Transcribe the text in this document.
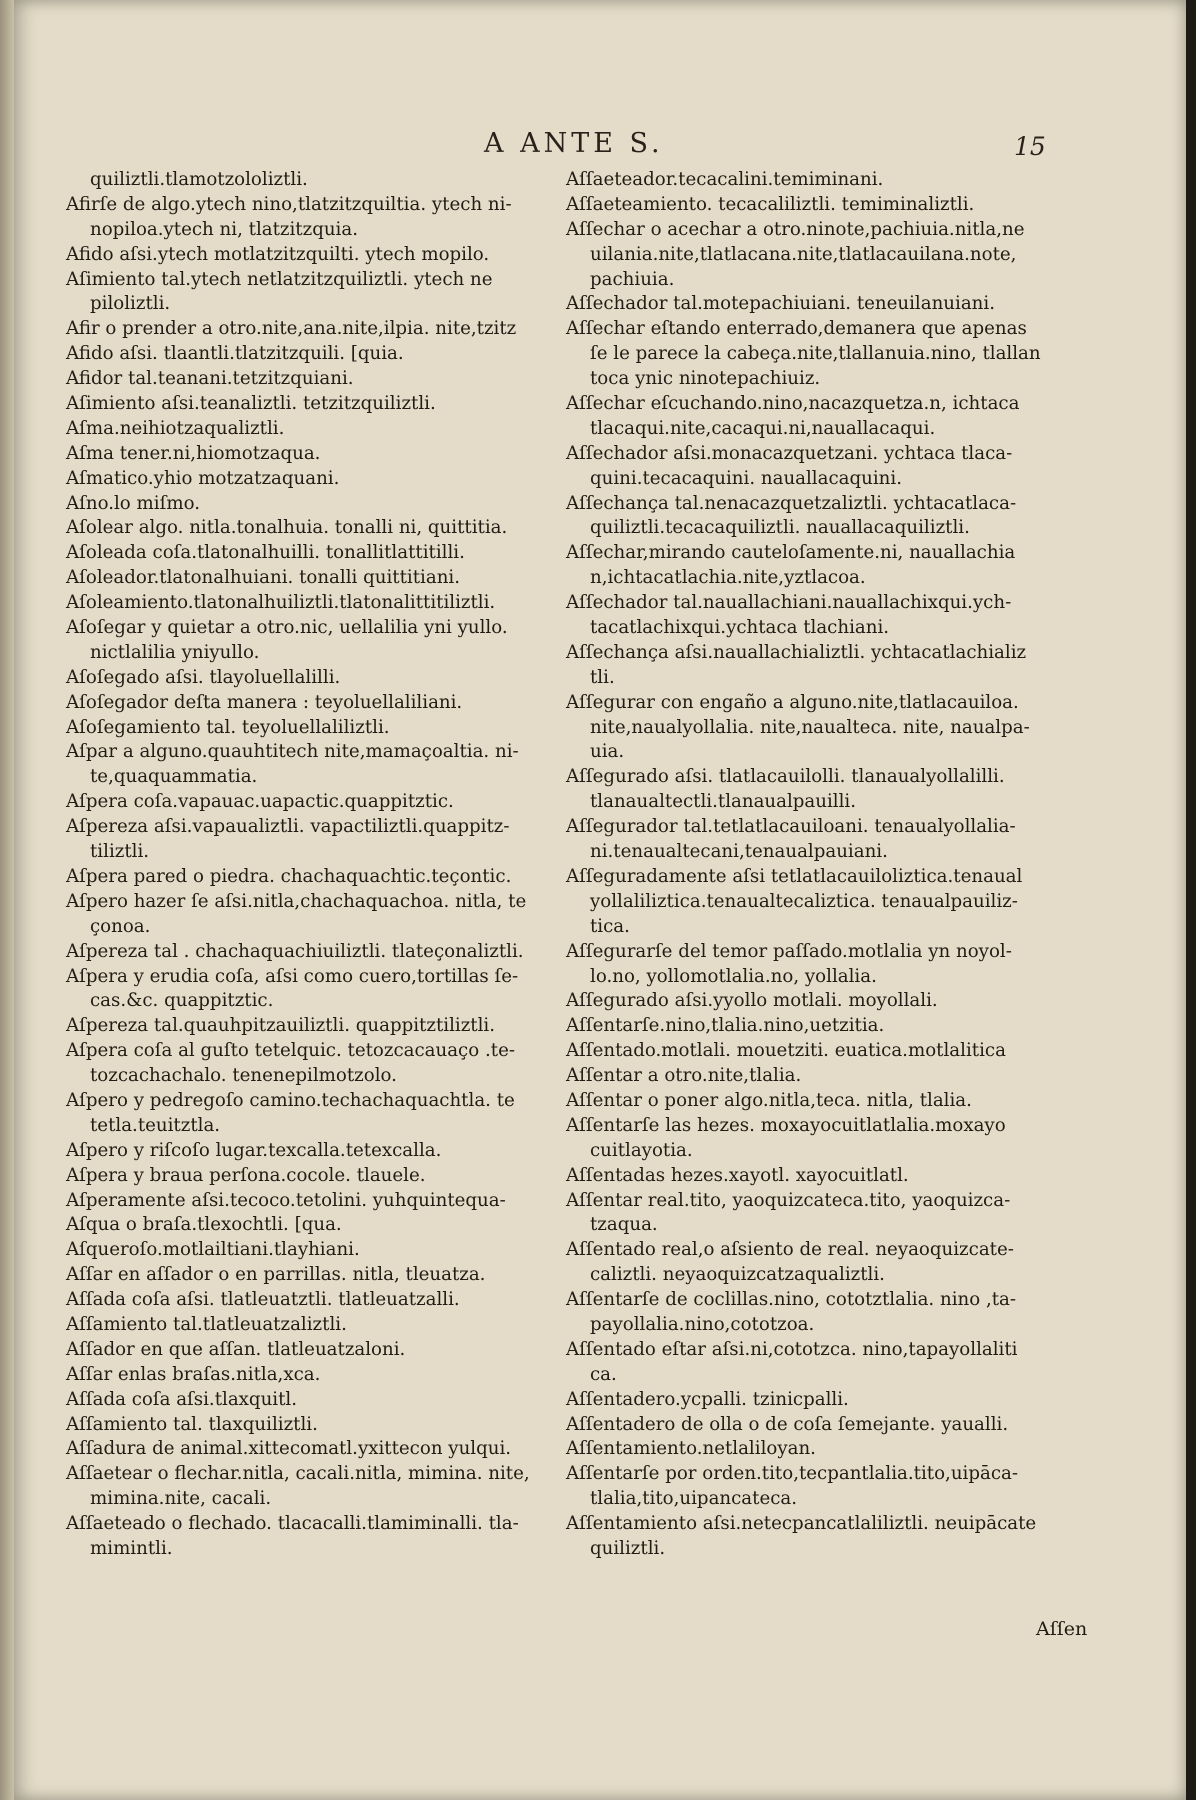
A ANTE S.	15
quiliztli.tlamotzololiztli.
Afirſe de algo.ytech nino,tlatzitzquiltia. ytech ni-
nopiloa.ytech ni, tlatzitzquia.
Afido aſsi.ytech motlatzitzquilti. ytech mopilo.
Aſimiento tal.ytech netlatzitzquiliztli. ytech ne
piloliztli.
Afir o prender a otro.nite,ana.nite,ilpia. nite,tzitz
Afido aſsi. tlaantli.tlatzitzquili. [quia.
Afidor tal.teanani.tetzitzquiani.
Aſimiento aſsi.teanaliztli. tetzitzquiliztli.
Aſma.neihiotzaqualiztli.
Aſma tener.ni,hiomotzaqua.
Aſmatico.yhio motzatzaquani.
Aſno.lo miſmo.
Aſolear algo. nitla.tonalhuia. tonalli ni, quittitia.
Aſoleada coſa.tlatonalhuilli. tonallitlattitilli.
Aſoleador.tlatonalhuiani. tonalli quittitiani.
Aſoleamiento.tlatonalhuiliztli.tlatonalittitiliztli.
Aſoſegar y quietar a otro.nic, uellalilia yni yullo.
nictlalilia yniyullo.
Aſoſegado aſsi. tlayoluellalilli.
Aſoſegador deſta manera : teyoluellaliliani.
Aſoſegamiento tal. teyoluellaliliztli.
Aſpar a alguno.quauhtitech nite,mamaçoaltia. ni-
te,quaquammatia.
Aſpera coſa.vapauac.uapactic.quappitztic.
Aſpereza aſsi.vapaualiztli. vapactiliztli.quappitz-
tiliztli.
Aſpera pared o piedra. chachaquachtic.teçontic.
Aſpero hazer ſe aſsi.nitla,chachaquachoa. nitla, te
çonoa.
Aſpereza tal . chachaquachiuiliztli. tlateçonaliztli.
Aſpera y erudia coſa, aſsi como cuero,tortillas ſe-
cas.&c. quappitztic.
Aſpereza tal.quauhpitzauiliztli. quappitztiliztli.
Aſpera coſa al guſto tetelquic. tetozcacauaço .te-
tozcachachalo. tenenepilmotzolo.
Aſpero y pedregoſo camino.techachaquachtla. te
tetla.teuitztla.
Aſpero y riſcoſo lugar.texcalla.tetexcalla.
Aſpera y braua perſona.cocole. tlauele.
Aſperamente aſsi.tecoco.tetolini. yuhquintequa-
Aſqua o braſa.tlexochtli. [qua.
Aſqueroſo.motlailtiani.tlayhiani.
Aſſar en aſſador o en parrillas. nitla, tleuatza.
Aſſada coſa aſsi. tlatleuatztli. tlatleuatzalli.
Aſſamiento tal.tlatleuatzaliztli.
Aſſador en que aſſan. tlatleuatzaloni.
Aſſar enlas braſas.nitla,xca.
Aſſada coſa aſsi.tlaxquitl.
Aſſamiento tal. tlaxquiliztli.
Aſſadura de animal.xittecomatl.yxittecon yulqui.
Aſſaetear o flechar.nitla, cacali.nitla, mimina. nite,
mimina.nite, cacali.
Aſſaeteado o flechado. tlacacalli.tlamiminalli. tla-
mimintli.
Aſſaeteador.tecacalini.temiminani.
Aſſaeteamiento. tecacaliliztli. temiminaliztli.
Aſſechar o acechar a otro.ninote,pachiuia.nitla,ne
uilania.nite,tlatlacana.nite,tlatlacauilana.note,
pachiuia.
Aſſechador tal.motepachiuiani. teneuilanuiani.
Aſſechar eſtando enterrado,demanera que apenas
ſe le parece la cabeça.nite,tlallanuia.nino, tlallan
toca ynic ninotepachiuiz.
Aſſechar eſcuchando.nino,nacazquetza.n, ichtaca
tlacaqui.nite,cacaqui.ni,nauallacaqui.
Aſſechador aſsi.monacazquetzani. ychtaca tlaca-
quini.tecacaquini. nauallacaquini.
Aſſechança tal.nenacazquetzaliztli. ychtacatlaca-
quiliztli.tecacaquiliztli. nauallacaquiliztli.
Aſſechar,mirando cauteloſamente.ni, nauallachia
n,ichtacatlachia.nite,yztlacoa.
Aſſechador tal.nauallachiani.nauallachixqui.ych-
tacatlachixqui.ychtaca tlachiani.
Aſſechança aſsi.nauallachializtli. ychtacatlachializ
tli.
Aſſegurar con engaño a alguno.nite,tlatlacauiloa.
nite,naualyollalia. nite,naualteca. nite, naualpa-
uia.
Aſſegurado aſsi. tlatlacauilolli. tlanaualyollalilli.
tlanaualtectli.tlanaualpauilli.
Aſſegurador tal.tetlatlacauiloani. tenaualyollalia-
ni.tenaualtecani,tenaualpauiani.
Aſſeguradamente aſsi tetlatlacauiloliztica.tenaual
yollaliliztica.tenaualtecaliztica. tenaualpauiliz-
tica.
Aſſegurarſe del temor paſſado.motlalia yn noyol-
lo.no, yollomotlalia.no, yollalia.
Aſſegurado aſsi.yyollo motlali. moyollali.
Aſſentarſe.nino,tlalia.nino,uetzitia.
Aſſentado.motlali. mouetziti. euatica.motlalitica
Aſſentar a otro.nite,tlalia.
Aſſentar o poner algo.nitla,teca. nitla, tlalia.
Aſſentarſe las hezes. moxayocuitlatlalia.moxayo
cuitlayotia.
Aſſentadas hezes.xayotl. xayocuitlatl.
Aſſentar real.tito, yaoquizcateca.tito, yaoquizca-
tzaqua.
Aſſentado real,o aſsiento de real. neyaoquizcate-
caliztli. neyaoquizcatzaqualiztli.
Aſſentarſe de coclillas.nino, cototztlalia. nino ,ta-
payollalia.nino,cototzoa.
Aſſentado eſtar aſsi.ni,cototzca. nino,tapayollaliti
ca.
Aſſentadero.ycpalli. tzinicpalli.
Aſſentadero de olla o de coſa ſemejante. yaualli.
Aſſentamiento.netlaliloyan.
Aſſentarſe por orden.tito,tecpantlalia.tito,uipāca-
tlalia,tito,uipancateca.
Aſſentamiento aſsi.netecpancatlaliliztli. neuipācate
quiliztli.
Aſſen
